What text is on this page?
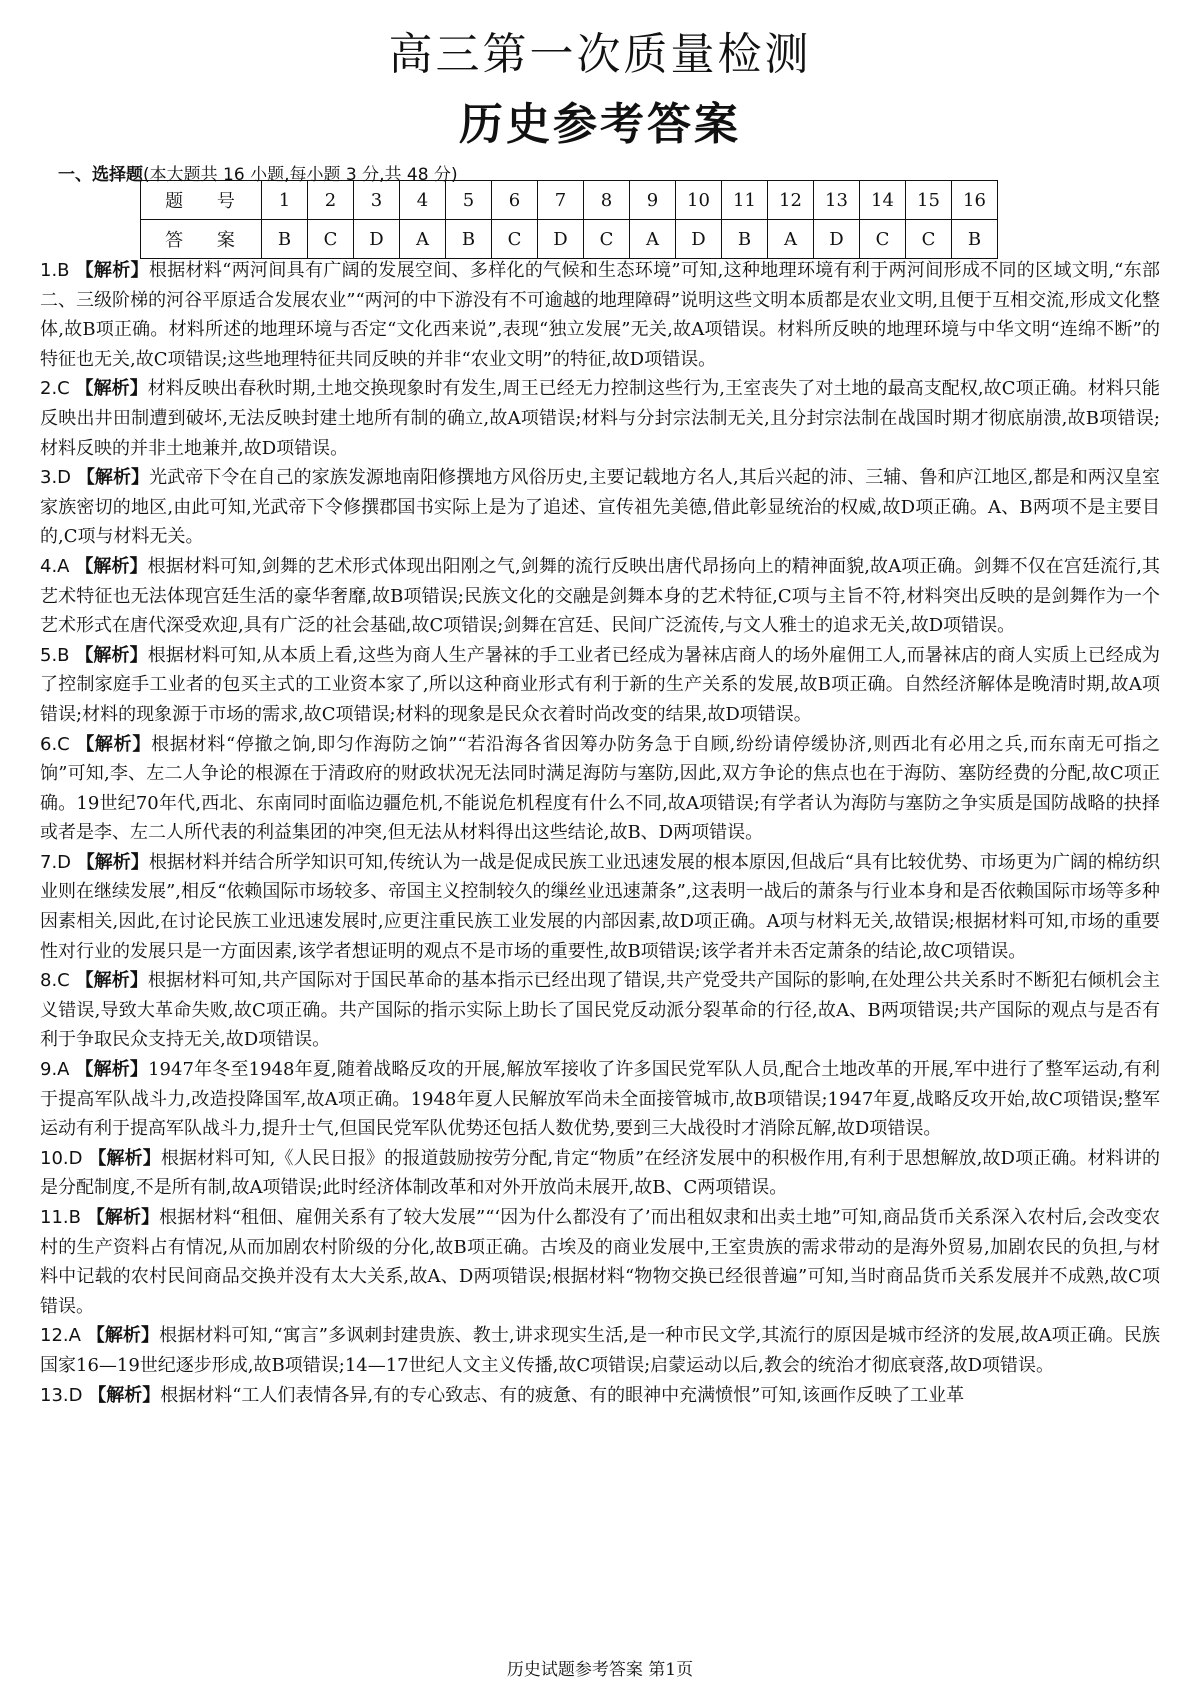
高三第一次质量检测
历史参考答案
一、选择题(本大题共 16 小题,每小题 3 分,共 48 分)
题 号	1	2	3	4	5	6	7	8	9	10	11	12	13	14	15	16
答 案	B	C	D	A	B	C	D	C	A	D	B	A	D	C	C	B

1.B 【解析】根据材料“两河间具有广阔的发展空间、多样化的气候和生态环境”可知,这种地理环境有利于两河间形成不同的区域文明,“东部二、三级阶梯的河谷平原适合发展农业”“两河的中下游没有不可逾越的地理障碍”说明这些文明本质都是农业文明,且便于互相交流,形成文化整体,故B项正确。材料所述的地理环境与否定“文化西来说”,表现“独立发展”无关,故A项错误。材料所反映的地理环境与中华文明“连绵不断”的特征也无关,故C项错误;这些地理特征共同反映的并非“农业文明”的特征,故D项错误。

2.C 【解析】材料反映出春秋时期,土地交换现象时有发生,周王已经无力控制这些行为,王室丧失了对土地的最高支配权,故C项正确。材料只能反映出井田制遭到破坏,无法反映封建土地所有制的确立,故A项错误;材料与分封宗法制无关,且分封宗法制在战国时期才彻底崩溃,故B项错误;材料反映的并非土地兼并,故D项错误。

3.D 【解析】光武帝下令在自己的家族发源地南阳修撰地方风俗历史,主要记载地方名人,其后兴起的沛、三辅、鲁和庐江地区,都是和两汉皇室家族密切的地区,由此可知,光武帝下令修撰郡国书实际上是为了追述、宣传祖先美德,借此彰显统治的权威,故D项正确。A、B两项不是主要目的,C项与材料无关。

4.A 【解析】根据材料可知,剑舞的艺术形式体现出阳刚之气,剑舞的流行反映出唐代昂扬向上的精神面貌,故A项正确。剑舞不仅在宫廷流行,其艺术特征也无法体现宫廷生活的豪华奢靡,故B项错误;民族文化的交融是剑舞本身的艺术特征,C项与主旨不符,材料突出反映的是剑舞作为一个艺术形式在唐代深受欢迎,具有广泛的社会基础,故C项错误;剑舞在宫廷、民间广泛流传,与文人雅士的追求无关,故D项错误。

5.B 【解析】根据材料可知,从本质上看,这些为商人生产暑袜的手工业者已经成为暑袜店商人的场外雇佣工人,而暑袜店的商人实质上已经成为了控制家庭手工业者的包买主式的工业资本家了,所以这种商业形式有利于新的生产关系的发展,故B项正确。自然经济解体是晚清时期,故A项错误;材料的现象源于市场的需求,故C项错误;材料的现象是民众衣着时尚改变的结果,故D项错误。

6.C 【解析】根据材料“停撤之饷,即匀作海防之饷”“若沿海各省因筹办防务急于自顾,纷纷请停缓协济,则西北有必用之兵,而东南无可指之饷”可知,李、左二人争论的根源在于清政府的财政状况无法同时满足海防与塞防,因此,双方争论的焦点也在于海防、塞防经费的分配,故C项正确。19世纪70年代,西北、东南同时面临边疆危机,不能说危机程度有什么不同,故A项错误;有学者认为海防与塞防之争实质是国防战略的抉择或者是李、左二人所代表的利益集团的冲突,但无法从材料得出这些结论,故B、D两项错误。

7.D 【解析】根据材料并结合所学知识可知,传统认为一战是促成民族工业迅速发展的根本原因,但战后“具有比较优势、市场更为广阔的棉纺织业则在继续发展”,相反“依赖国际市场较多、帝国主义控制较久的缫丝业迅速萧条”,这表明一战后的萧条与行业本身和是否依赖国际市场等多种因素相关,因此,在讨论民族工业迅速发展时,应更注重民族工业发展的内部因素,故D项正确。A项与材料无关,故错误;根据材料可知,市场的重要性对行业的发展只是一方面因素,该学者想证明的观点不是市场的重要性,故B项错误;该学者并未否定萧条的结论,故C项错误。

8.C 【解析】根据材料可知,共产国际对于国民革命的基本指示已经出现了错误,共产党受共产国际的影响,在处理公共关系时不断犯右倾机会主义错误,导致大革命失败,故C项正确。共产国际的指示实际上助长了国民党反动派分裂革命的行径,故A、B两项错误;共产国际的观点与是否有利于争取民众支持无关,故D项错误。

9.A 【解析】1947年冬至1948年夏,随着战略反攻的开展,解放军接收了许多国民党军队人员,配合土地改革的开展,军中进行了整军运动,有利于提高军队战斗力,改造投降国军,故A项正确。1948年夏人民解放军尚未全面接管城市,故B项错误;1947年夏,战略反攻开始,故C项错误;整军运动有利于提高军队战斗力,提升士气,但国民党军队优势还包括人数优势,要到三大战役时才消除瓦解,故D项错误。

10.D 【解析】根据材料可知,《人民日报》的报道鼓励按劳分配,肯定“物质”在经济发展中的积极作用,有利于思想解放,故D项正确。材料讲的是分配制度,不是所有制,故A项错误;此时经济体制改革和对外开放尚未展开,故B、C两项错误。

11.B 【解析】根据材料“租佃、雇佣关系有了较大发展”“‘因为什么都没有了’而出租奴隶和出卖土地”可知,商品货币关系深入农村后,会改变农村的生产资料占有情况,从而加剧农村阶级的分化,故B项正确。古埃及的商业发展中,王室贵族的需求带动的是海外贸易,加剧农民的负担,与材料中记载的农村民间商品交换并没有太大关系,故A、D两项错误;根据材料“物物交换已经很普遍”可知,当时商品货币关系发展并不成熟,故C项错误。

12.A 【解析】根据材料可知,“寓言”多讽刺封建贵族、教士,讲求现实生活,是一种市民文学,其流行的原因是城市经济的发展,故A项正确。民族国家16—19世纪逐步形成,故B项错误;14—17世纪人文主义传播,故C项错误;启蒙运动以后,教会的统治才彻底衰落,故D项错误。

13.D 【解析】根据材料“工人们表情各异,有的专心致志、有的疲惫、有的眼神中充满愤恨”可知,该画作反映了工业革

历史试题参考答案 第1页
